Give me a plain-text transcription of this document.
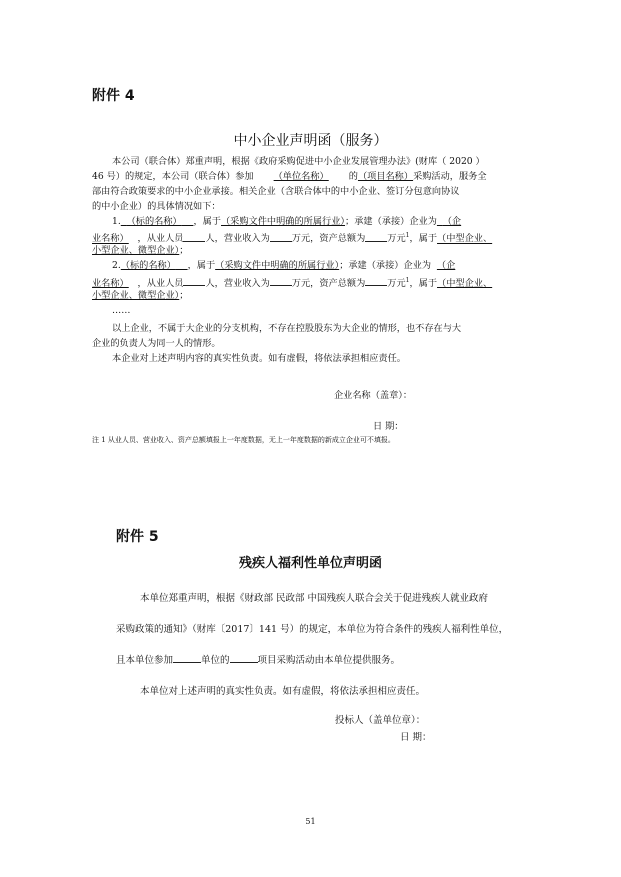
附件 4
中小企业声明函（服务）
本公司（联合体）郑重声明，根据《政府采购促进中小企业发展管理办法》(财库（ 2020 ）
46 号）的规定，本公司（联合体）参加 （单位名称） 的（项目名称）采购活动，服务全
部由符合政策要求的中小企业承接。相关企业（含联合体中的中小企业、签订分包意向协议
的中小企业）的具体情况如下：
1. （标的名称） ，属于（采购文件中明确的所属行业）；承建（承接）企业为 （企
业名称） ，从业人员 人，营业收入为 万元，资产总额为 万元$^1$，属于（中型企业、
小型企业、微型企业）；
2.（标的名称） ，属于（采购文件中明确的所属行业）；承建（承接）企业为 （企
业名称） ，从业人员 人，营业收入为 万元，资产总额为 万元$^1$，属于（中型企业、
小型企业、微型企业）；
……
以上企业，不属于大企业的分支机构，不存在控股股东为大企业的情形，也不存在与大
企业的负责人为同一人的情形。
本企业对上述声明内容的真实性负责。如有虚假，将依法承担相应责任。
企业名称（盖章）：
日 期：
注 1 从业人员、营业收入、资产总额填报上一年度数据，无上一年度数据的新成立企业可不填报。
附件 5
残疾人福利性单位声明函
本单位郑重声明，根据《财政部 民政部 中国残疾人联合会关于促进残疾人就业政府
采购政策的通知》（财库〔2017〕141 号）的规定，本单位为符合条件的残疾人福利性单位，
且本单位参加	单位的	项目采购活动由本单位提供服务。
本单位对上述声明的真实性负责。如有虚假，将依法承担相应责任。
投标人（盖单位章）：
日 期：
51
